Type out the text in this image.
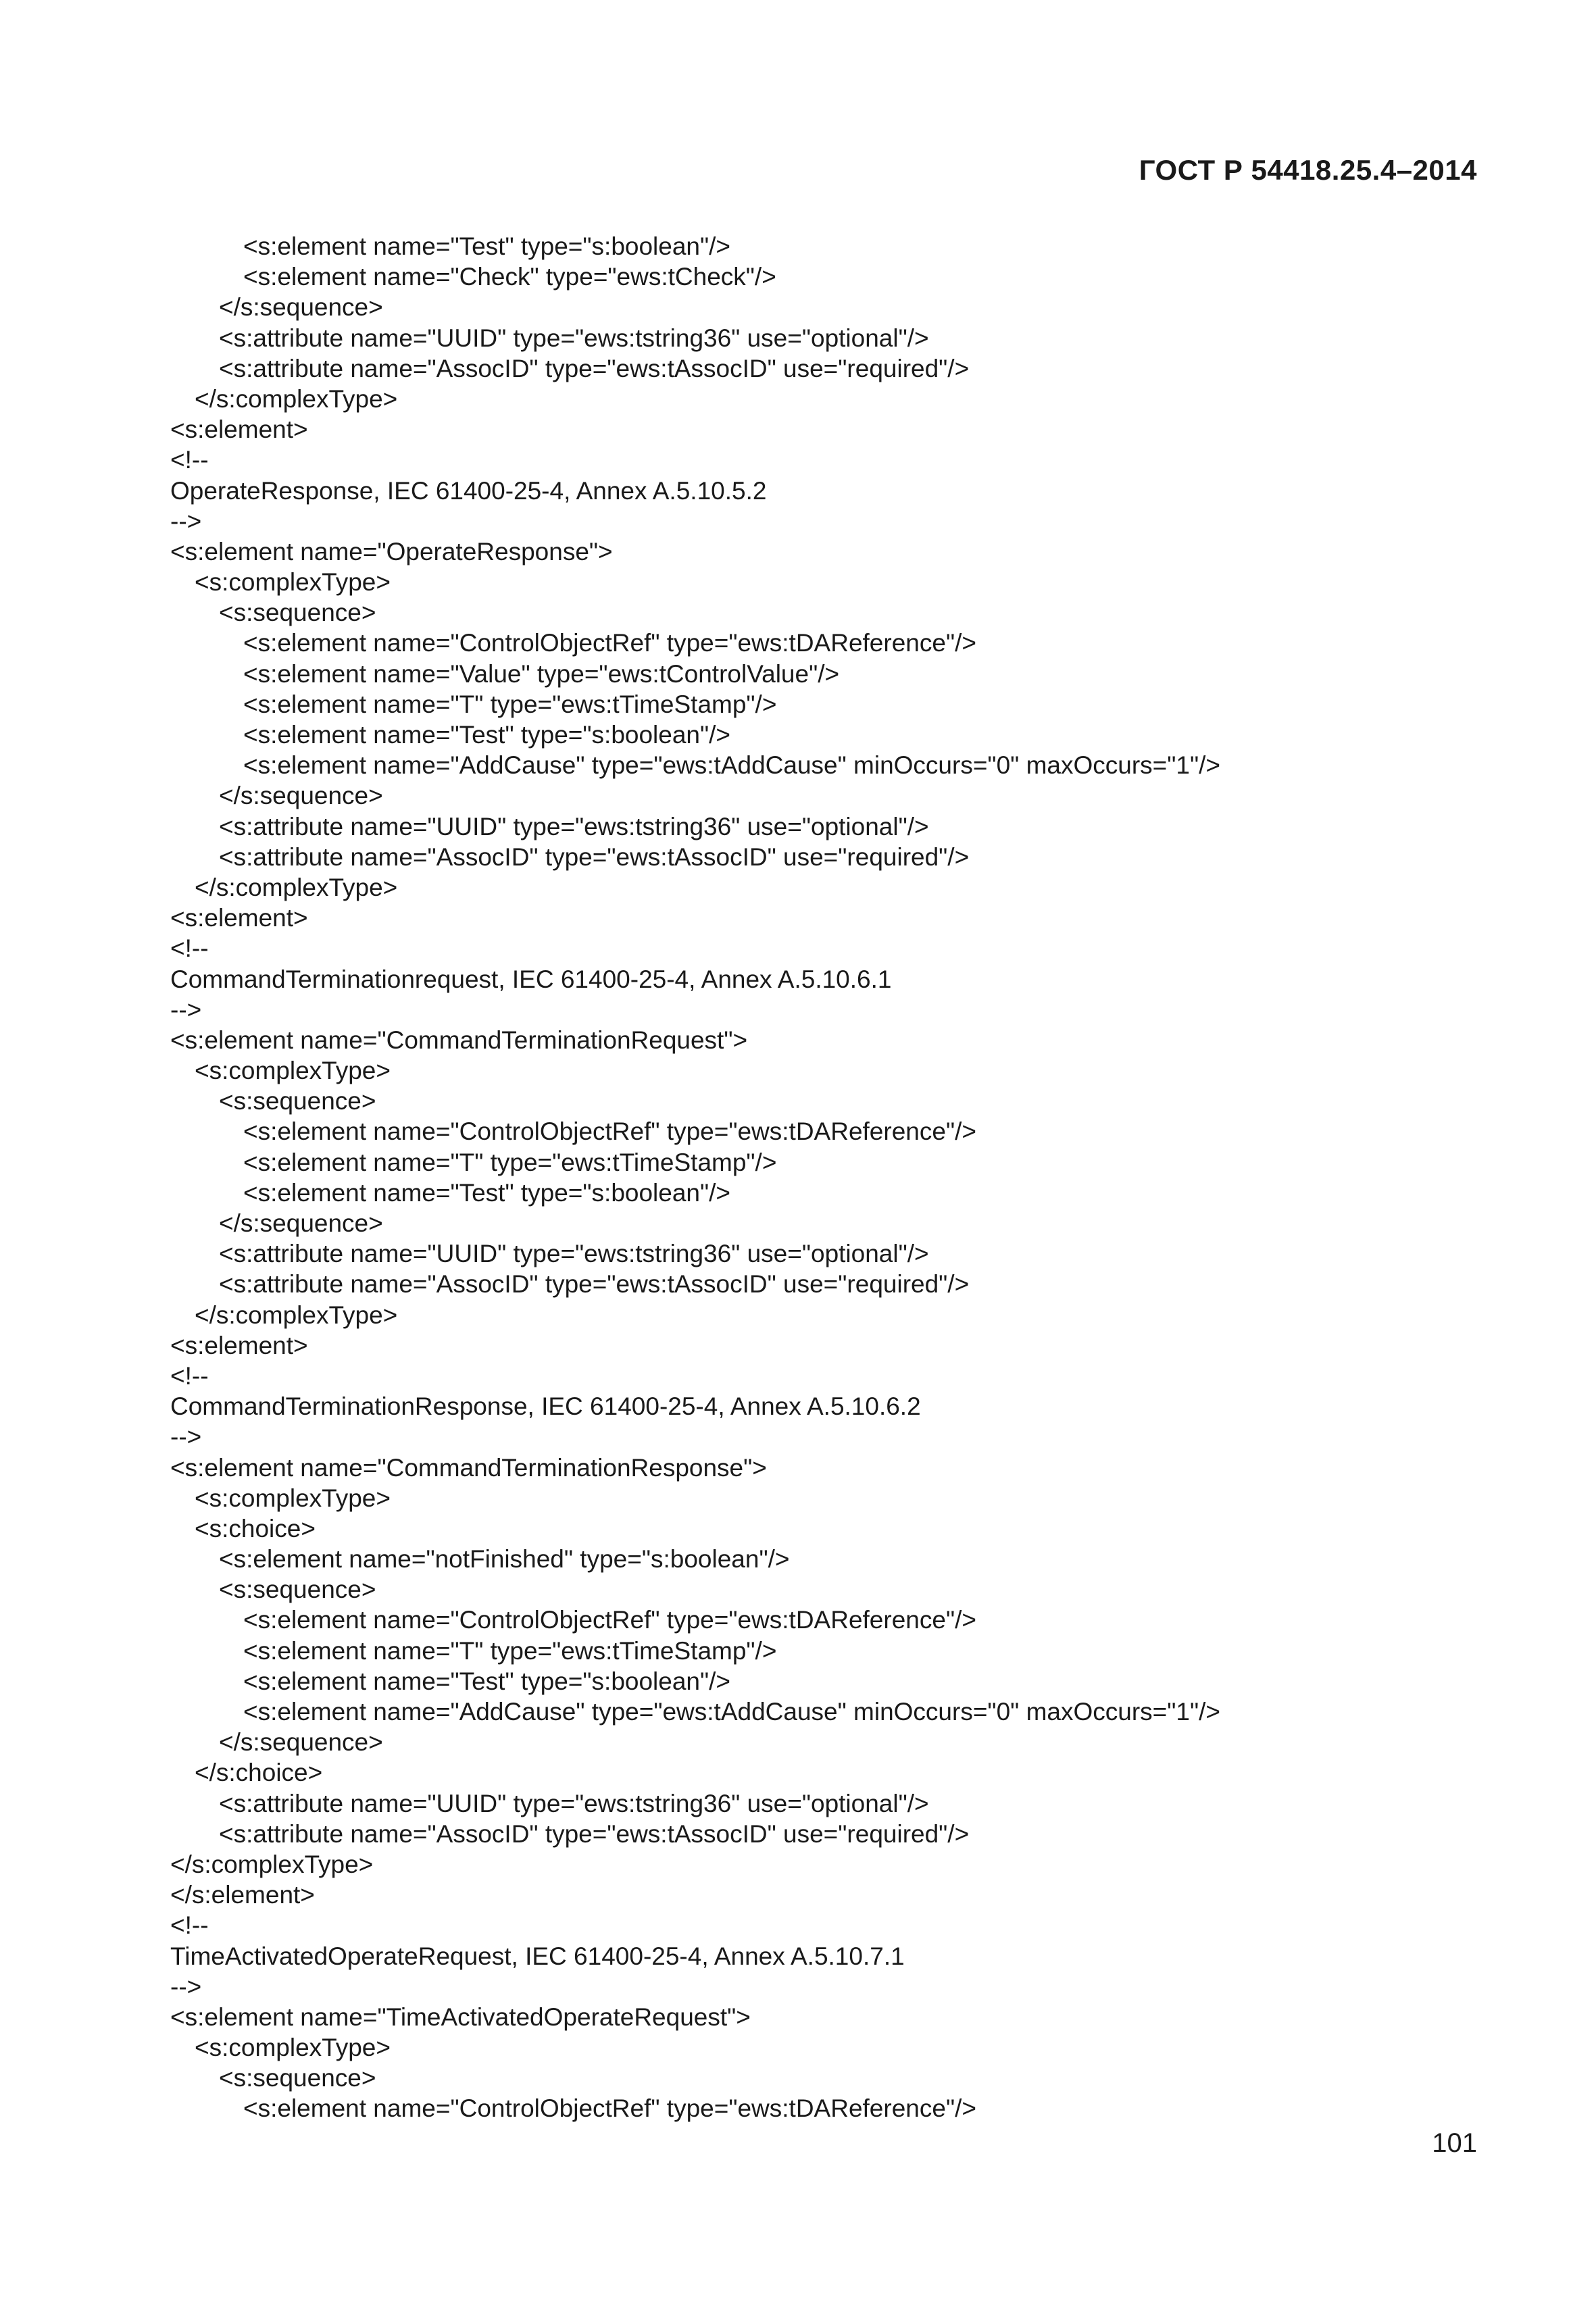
ГОСТ Р 54418.25.4–2014
<s:element name="Test" type="s:boolean"/>
<s:element name="Check" type="ews:tCheck"/>
</s:sequence>
<s:attribute name="UUID" type="ews:tstring36" use="optional"/>
<s:attribute name="AssocID" type="ews:tAssocID" use="required"/>
</s:complexType>
<s:element>
<!--
OperateResponse, IEC 61400-25-4, Annex A.5.10.5.2
-->
<s:element name="OperateResponse">
<s:complexType>
<s:sequence>
<s:element name="ControlObjectRef" type="ews:tDAReference"/>
<s:element name="Value" type="ews:tControlValue"/>
<s:element name="T" type="ews:tTimeStamp"/>
<s:element name="Test" type="s:boolean"/>
<s:element name="AddCause" type="ews:tAddCause" minOccurs="0" maxOccurs="1"/>
</s:sequence>
<s:attribute name="UUID" type="ews:tstring36" use="optional"/>
<s:attribute name="AssocID" type="ews:tAssocID" use="required"/>
</s:complexType>
<s:element>
<!--
CommandTerminationrequest, IEC 61400-25-4, Annex A.5.10.6.1
-->
<s:element name="CommandTerminationRequest">
<s:complexType>
<s:sequence>
<s:element name="ControlObjectRef" type="ews:tDAReference"/>
<s:element name="T" type="ews:tTimeStamp"/>
<s:element name="Test" type="s:boolean"/>
</s:sequence>
<s:attribute name="UUID" type="ews:tstring36" use="optional"/>
<s:attribute name="AssocID" type="ews:tAssocID" use="required"/>
</s:complexType>
<s:element>
<!--
CommandTerminationResponse, IEC 61400-25-4, Annex A.5.10.6.2
-->
<s:element name="CommandTerminationResponse">
<s:complexType>
<s:choice>
<s:element name="notFinished" type="s:boolean"/>
<s:sequence>
<s:element name="ControlObjectRef" type="ews:tDAReference"/>
<s:element name="T" type="ews:tTimeStamp"/>
<s:element name="Test" type="s:boolean"/>
<s:element name="AddCause" type="ews:tAddCause" minOccurs="0" maxOccurs="1"/>
</s:sequence>
</s:choice>
<s:attribute name="UUID" type="ews:tstring36" use="optional"/>
<s:attribute name="AssocID" type="ews:tAssocID" use="required"/>
</s:complexType>
</s:element>
<!--
TimeActivatedOperateRequest, IEC 61400-25-4, Annex A.5.10.7.1
-->
<s:element name="TimeActivatedOperateRequest">
<s:complexType>
<s:sequence>
<s:element name="ControlObjectRef" type="ews:tDAReference"/>
101
